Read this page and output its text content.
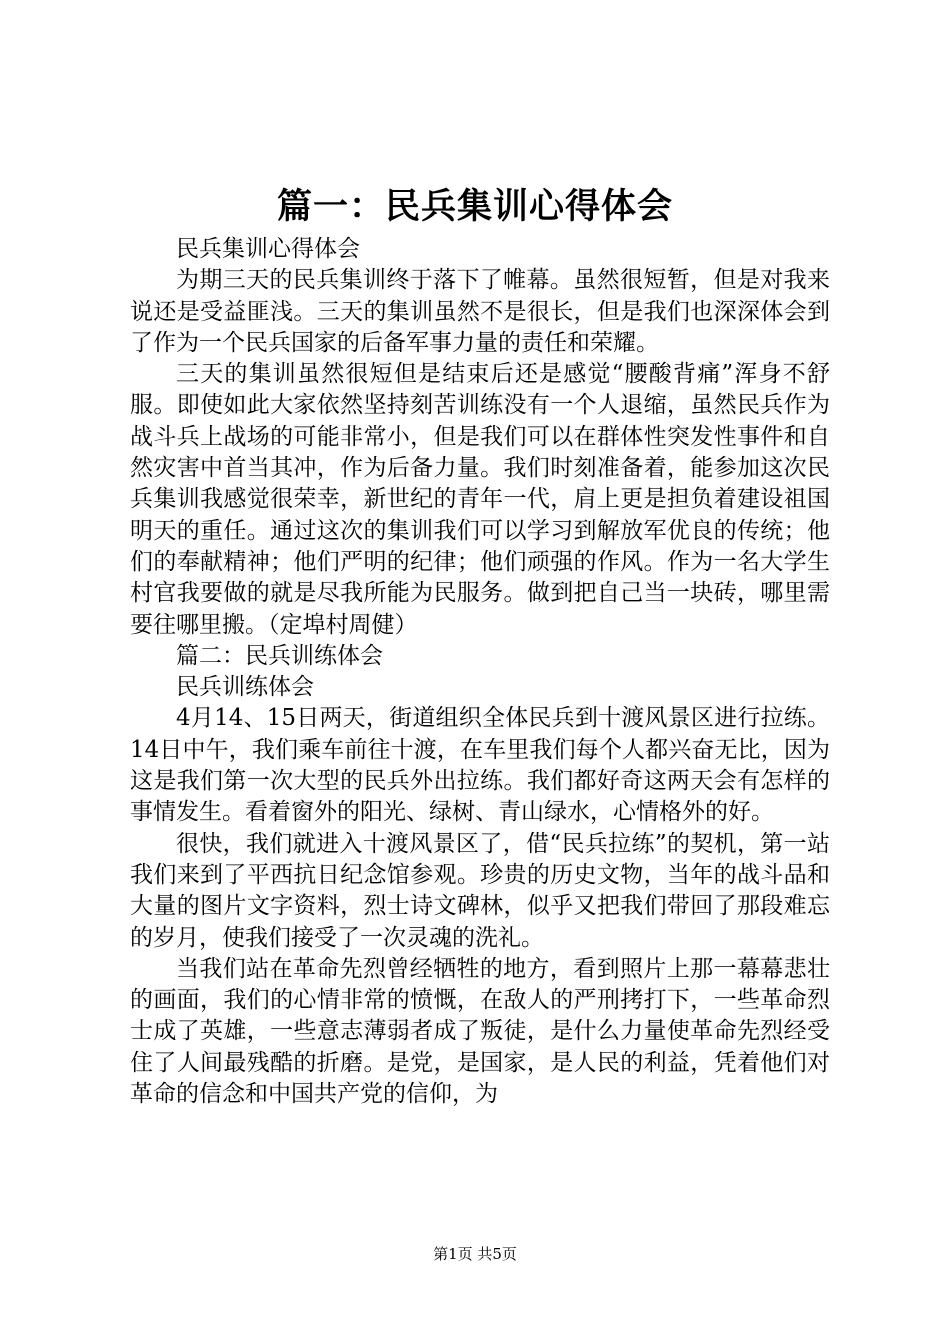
篇一：民兵集训心得体会

民兵集训心得体会

为期三天的民兵集训终于落下了帷幕。虽然很短暂，但是对我来说还是受益匪浅。三天的集训虽然不是很长，但是我们也深深体会到了作为一个民兵国家的后备军事力量的责任和荣耀。

三天的集训虽然很短但是结束后还是感觉“腰酸背痛”浑身不舒服。即使如此大家依然坚持刻苦训练没有一个人退缩，虽然民兵作为战斗兵上战场的可能非常小，但是我们可以在群体性突发性事件和自然灾害中首当其冲，作为后备力量。我们时刻准备着，能参加这次民兵集训我感觉很荣幸，新世纪的青年一代，肩上更是担负着建设祖国明天的重任。通过这次的集训我们可以学习到解放军优良的传统；他们的奉献精神；他们严明的纪律；他们顽强的作风。作为一名大学生村官我要做的就是尽我所能为民服务。做到把自己当一块砖，哪里需要往哪里搬。（定埠村周健）

篇二：民兵训练体会

民兵训练体会

4月14、15日两天，街道组织全体民兵到十渡风景区进行拉练。14日中午，我们乘车前往十渡，在车里我们每个人都兴奋无比，因为这是我们第一次大型的民兵外出拉练。我们都好奇这两天会有怎样的事情发生。看着窗外的阳光、绿树、青山绿水，心情格外的好。

很快，我们就进入十渡风景区了，借“民兵拉练”的契机，第一站我们来到了平西抗日纪念馆参观。珍贵的历史文物，当年的战斗品和大量的图片文字资料，烈士诗文碑林，似乎又把我们带回了那段难忘的岁月，使我们接受了一次灵魂的洗礼。

当我们站在革命先烈曾经牺牲的地方，看到照片上那一幕幕悲壮的画面，我们的心情非常的愤慨，在敌人的严刑拷打下，一些革命烈士成了英雄，一些意志薄弱者成了叛徒，是什么力量使革命先烈经受住了人间最残酷的折磨。是党，是国家，是人民的利益，凭着他们对革命的信念和中国共产党的信仰，为

第1页 共5页
